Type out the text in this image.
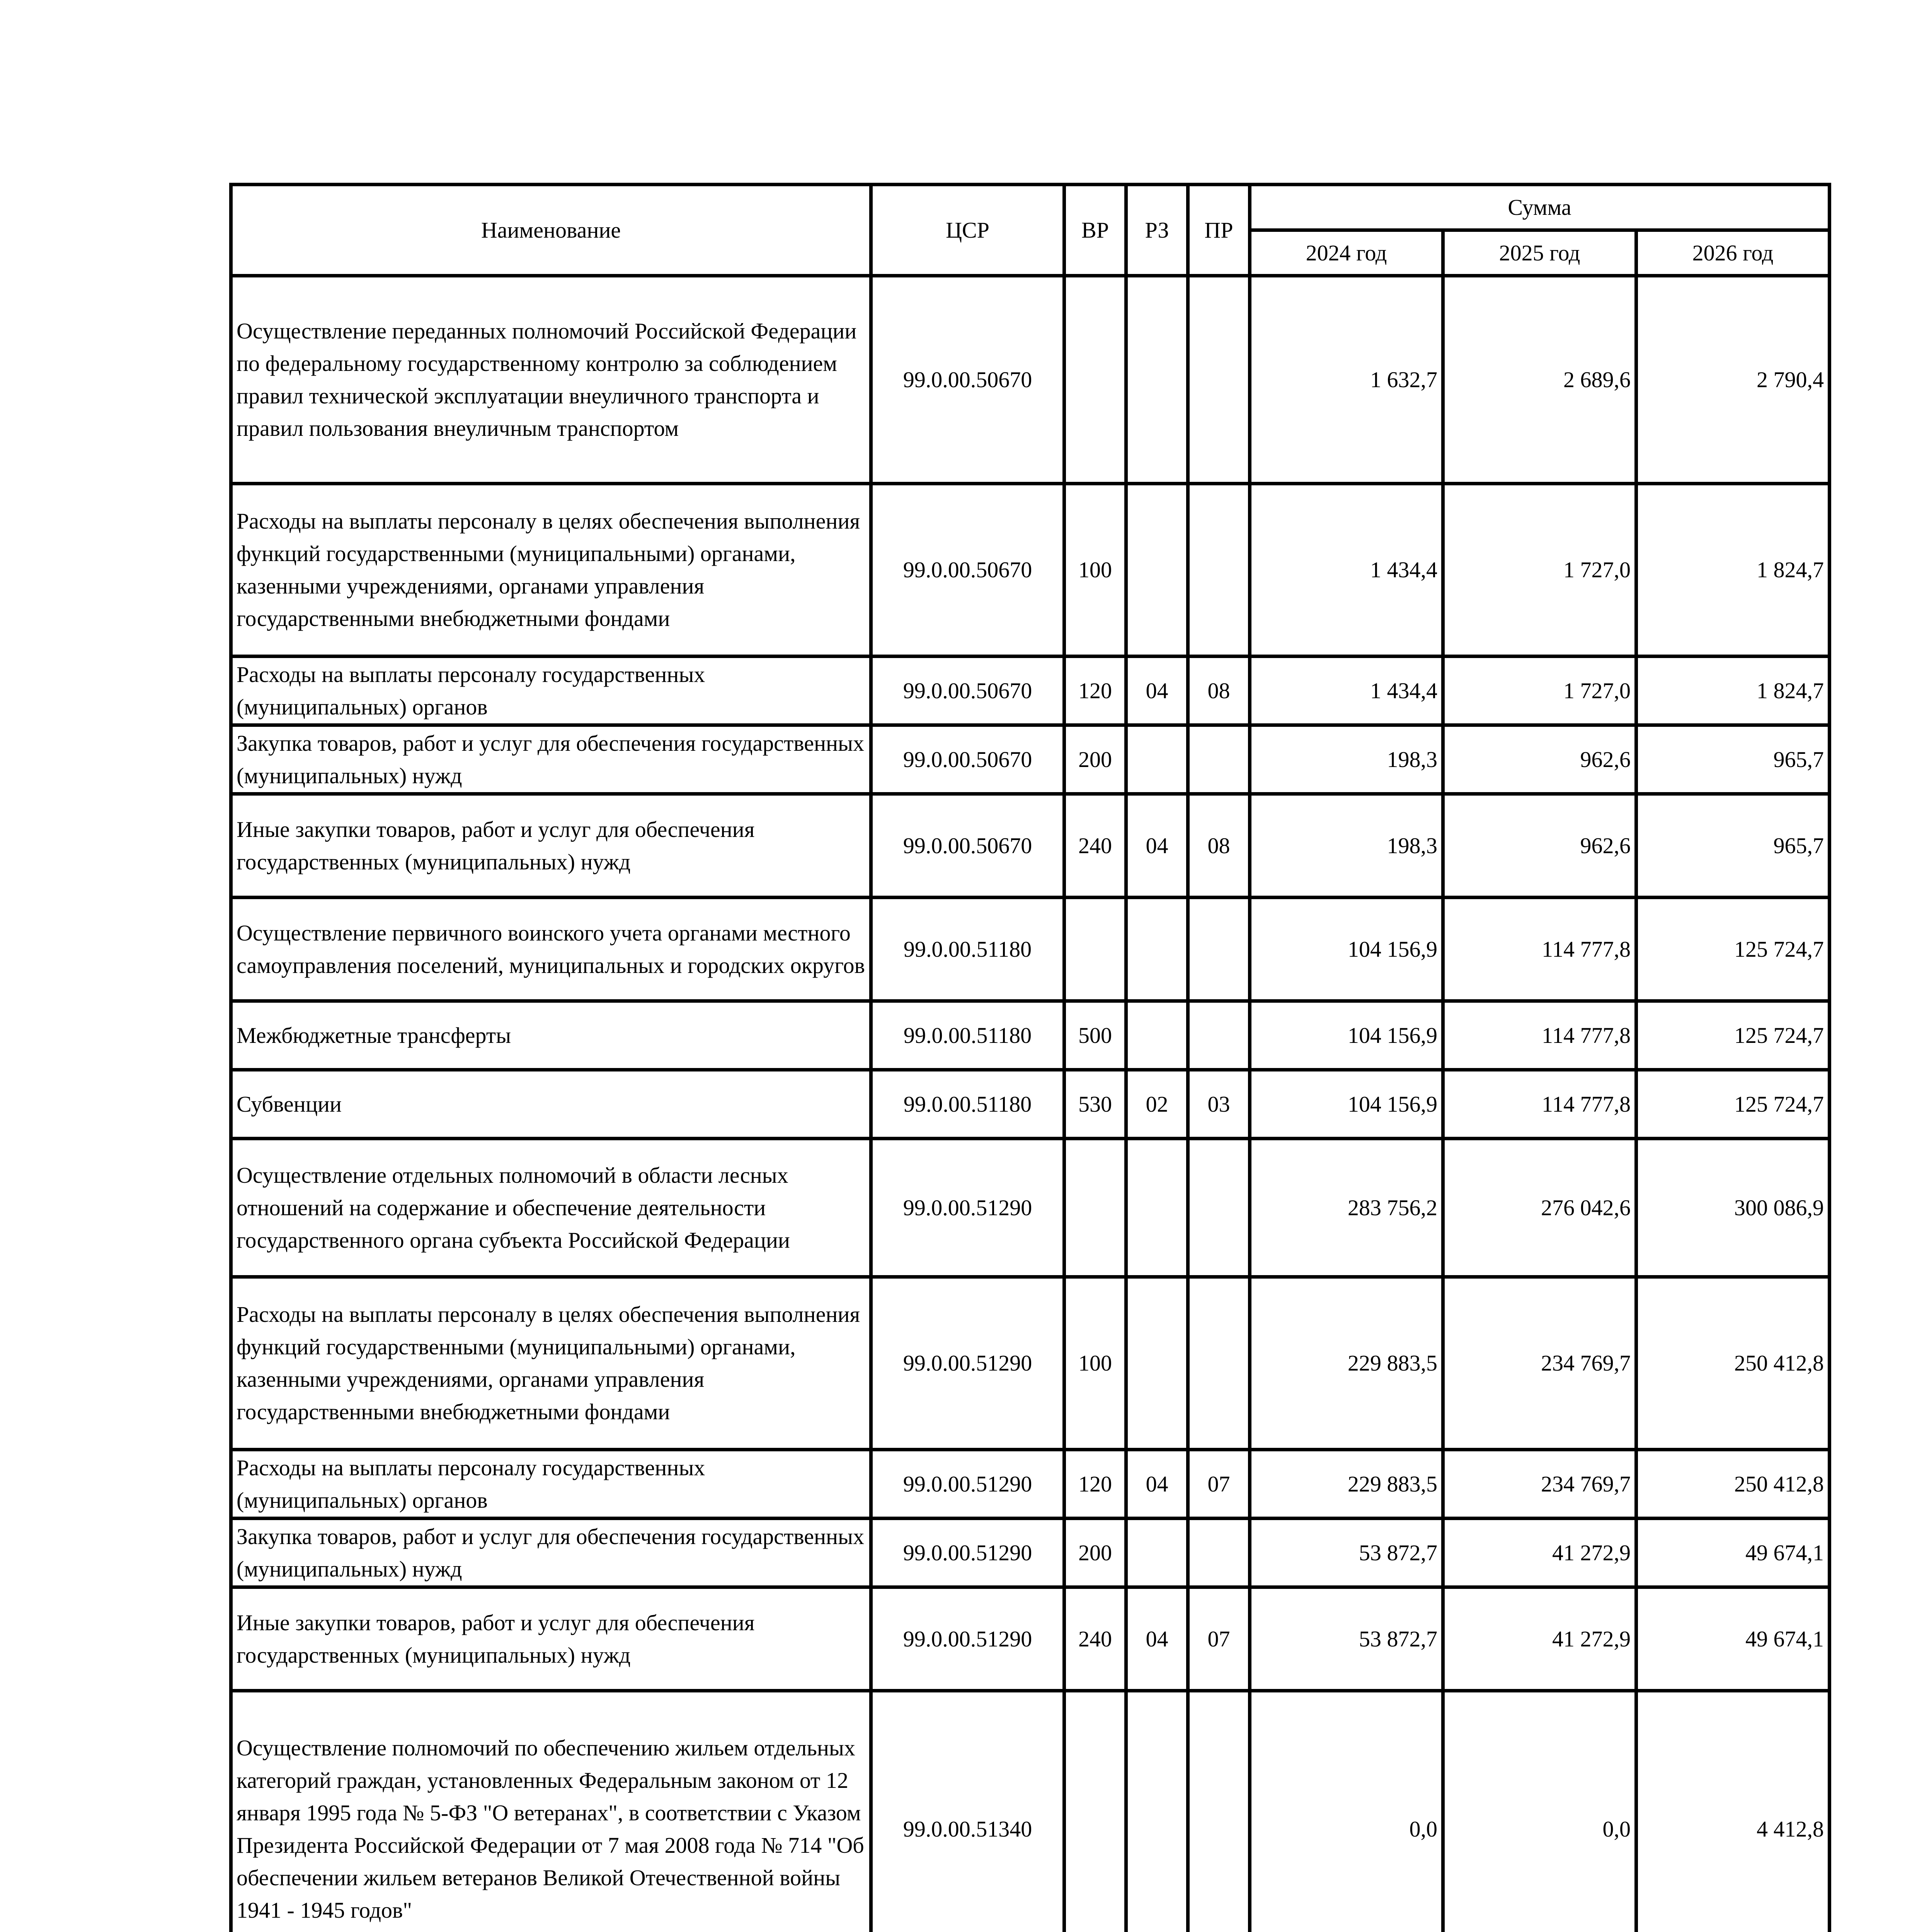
Наименование	ЦСР	ВР	РЗ	ПР	Сумма		
					2024 год	2025 год	2026 год
Осуществление переданных полномочий Российской Федерации по федеральному государственному контролю за соблюдением правил технической эксплуатации внеуличного транспорта и правил пользования внеуличным транспортом	99.0.00.50670				1 632,7	2 689,6	2 790,4
Расходы на выплаты персоналу в целях обеспечения выполнения функций государственными (муниципальными) органами, казенными учреждениями, органами управления государственными внебюджетными фондами	99.0.00.50670	100			1 434,4	1 727,0	1 824,7
Расходы на выплаты персоналу государственных (муниципальных) органов	99.0.00.50670	120	04	08	1 434,4	1 727,0	1 824,7
Закупка товаров, работ и услуг для обеспечения государственных (муниципальных) нужд	99.0.00.50670	200			198,3	962,6	965,7
Иные закупки товаров, работ и услуг для обеспечения государственных (муниципальных) нужд	99.0.00.50670	240	04	08	198,3	962,6	965,7
Осуществление первичного воинского учета органами местного самоуправления поселений, муниципальных и городских округов	99.0.00.51180				104 156,9	114 777,8	125 724,7
Межбюджетные трансферты	99.0.00.51180	500			104 156,9	114 777,8	125 724,7
Субвенции	99.0.00.51180	530	02	03	104 156,9	114 777,8	125 724,7
Осуществление отдельных полномочий в области лесных отношений на содержание и обеспечение деятельности государственного органа субъекта Российской Федерации	99.0.00.51290				283 756,2	276 042,6	300 086,9
Расходы на выплаты персоналу в целях обеспечения выполнения функций государственными (муниципальными) органами, казенными учреждениями, органами управления государственными внебюджетными фондами	99.0.00.51290	100			229 883,5	234 769,7	250 412,8
Расходы на выплаты персоналу государственных (муниципальных) органов	99.0.00.51290	120	04	07	229 883,5	234 769,7	250 412,8
Закупка товаров, работ и услуг для обеспечения государственных (муниципальных) нужд	99.0.00.51290	200			53 872,7	41 272,9	49 674,1
Иные закупки товаров, работ и услуг для обеспечения государственных (муниципальных) нужд	99.0.00.51290	240	04	07	53 872,7	41 272,9	49 674,1
Осуществление полномочий по обеспечению жильем отдельных категорий граждан, установленных Федеральным законом от 12 января 1995 года № 5-ФЗ "О ветеранах", в соответствии с Указом Президента Российской Федерации от 7 мая 2008 года № 714 "Об обеспечении жильем ветеранов Великой Отечественной войны 1941 - 1945 годов"	99.0.00.51340				0,0	0,0	4 412,8
